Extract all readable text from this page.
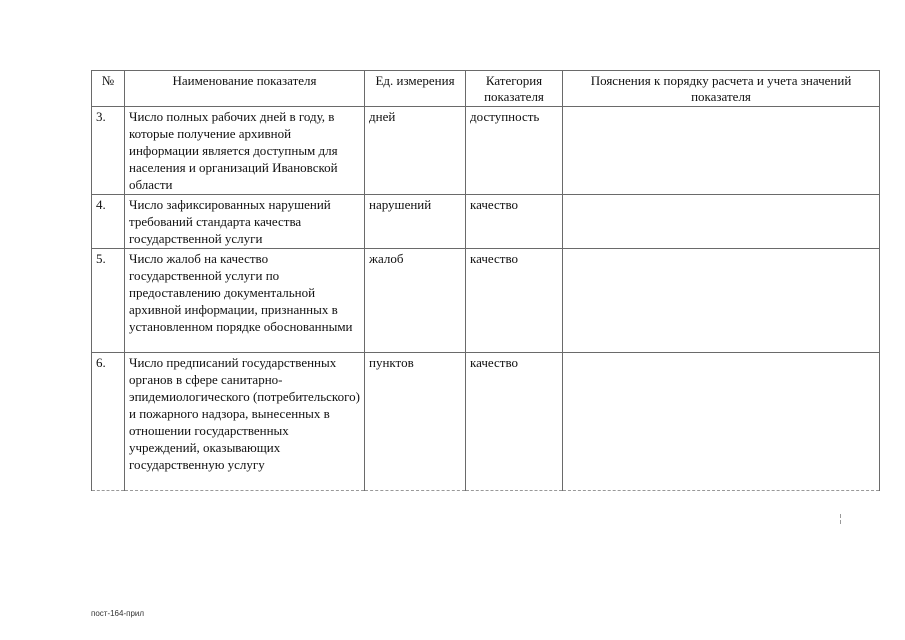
№	Наименование показателя	Ед. измерения	Категория показателя	Пояснения к порядку расчета и учета значений
показателя

3.	Число полных рабочих дней в году, в которые получение архивной информации является доступным для населения и организаций Ивановской области	дней	доступность	
4.	Число зафиксированных нарушений требований стандарта качества государственной услуги	нарушений	качество	
5.	Число жалоб на качество государственной услуги по предоставлению документальной архивной информации, признанных в установленном порядке обоснованными	жалоб	качество	
6.	Число предписаний государственных органов в сфере санитарно-эпидемиологического (потребительского) и пожарного надзора, вынесенных в отношении государственных учреждений, оказывающих государственную услугу	пунктов	качество	
пост-164-прил
